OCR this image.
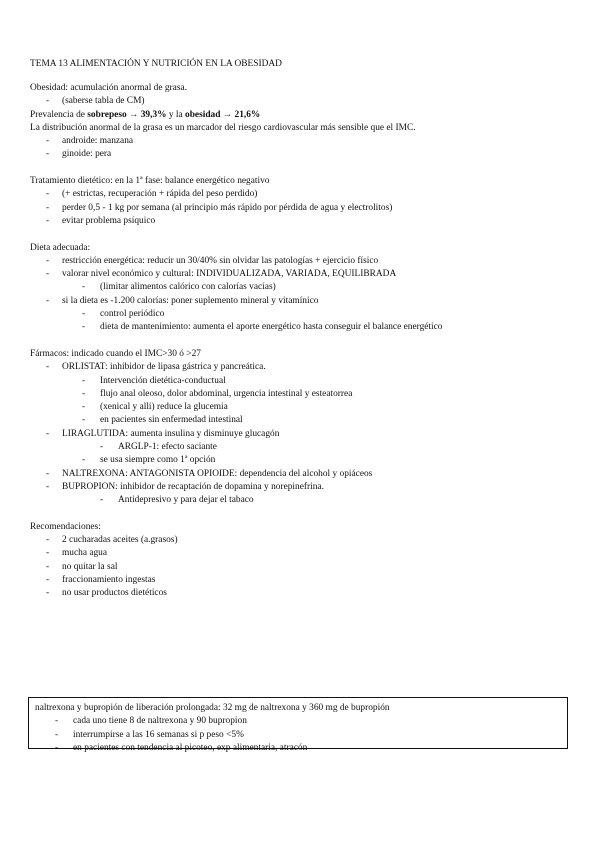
TEMA 13 ALIMENTACIÓN Y NUTRICIÓN EN LA OBESIDAD
Obesidad: acumulación anormal de grasa.
- (saberse tabla de CM)
Prevalencia de sobrepeso → 39,3% y la obesidad → 21,6%
La distribución anormal de la grasa es un marcador del riesgo cardiovascular más sensible que el IMC.
- androide: manzana
- ginoide: pera
Tratamiento dietético: en la 1ª fase: balance energético negativo
- (+ estrictas, recuperación + rápida del peso perdido)
- perder 0,5 - 1 kg por semana (al principio más rápido por pérdida de agua y electrolitos)
- evitar problema psíquico
Dieta adecuada:
- restricción energética: reducir un 30/40% sin olvidar las patologías + ejercicio físico
- valorar nivel económico y cultural: INDIVIDUALIZADA, VARIADA, EQUILIBRADA
- (limitar alimentos calórico con calorías vacías)
- si la dieta es -1.200 calorías: poner suplemento mineral y vitamínico
- control periódico
- dieta de mantenimiento: aumenta el aporte energético hasta conseguir el balance energético
Fármacos: indicado cuando el IMC>30 ó >27
- ORLISTAT: inhibidor de lipasa gástrica y pancreática.
- Intervención dietética-conductual
- flujo anal oleoso, dolor abdominal, urgencia intestinal y esteatorrea
- (xenical y alli) reduce la glucemia
- en pacientes sin enfermedad intestinal
- LIRAGLUTIDA: aumenta insulina y disminuye glucagón
- ARGLP-1: efecto saciante
- se usa siempre como 1ª opción
- NALTREXONA: ANTAGONISTA OPIOIDE: dependencia del alcohol y opiáceos
- BUPROPION: inhibidor de recaptación de dopamina y norepinefrina.
- Antidepresivo y para dejar el tabaco
Recomendaciones:
- 2 cucharadas aceites (a.grasos)
- mucha agua
- no quitar la sal
- fraccionamiento ingestas
- no usar productos dietéticos
naltrexona y bupropión de liberación prolongada: 32 mg de naltrexona y 360 mg de bupropión
- cada uno tiene 8 de naltrexona y 90 bupropion
- interrumpirse a las 16 semanas si p peso <5%
- en pacientes con tendencia al picoteo, exp alimentaria, atracón
